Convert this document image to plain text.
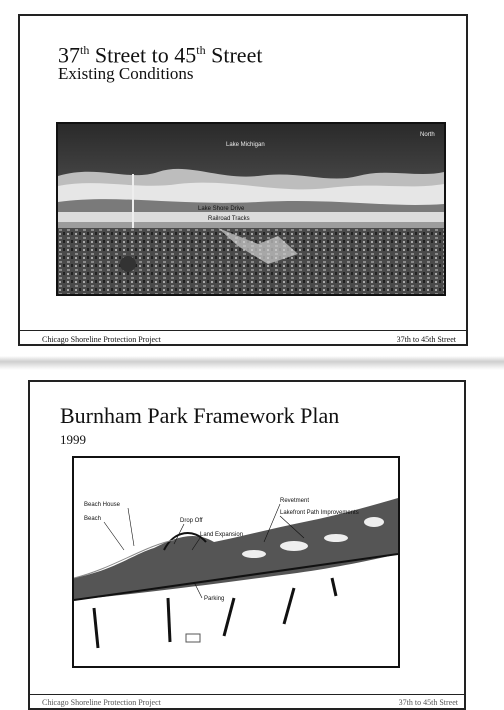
37th Street to 45th Street
Existing Conditions
Lake Michigan
North
Lake Shore Drive
Railroad Tracks
Chicago Shoreline Protection Project	37th to 45th Street
Burnham Park Framework Plan
1999
Beach House
Beach	Drop Off
Land Expansion
Revetment
Lakefront Path Improvements
Parking
Chicago Shoreline Protection Project	37th to 45th Street
